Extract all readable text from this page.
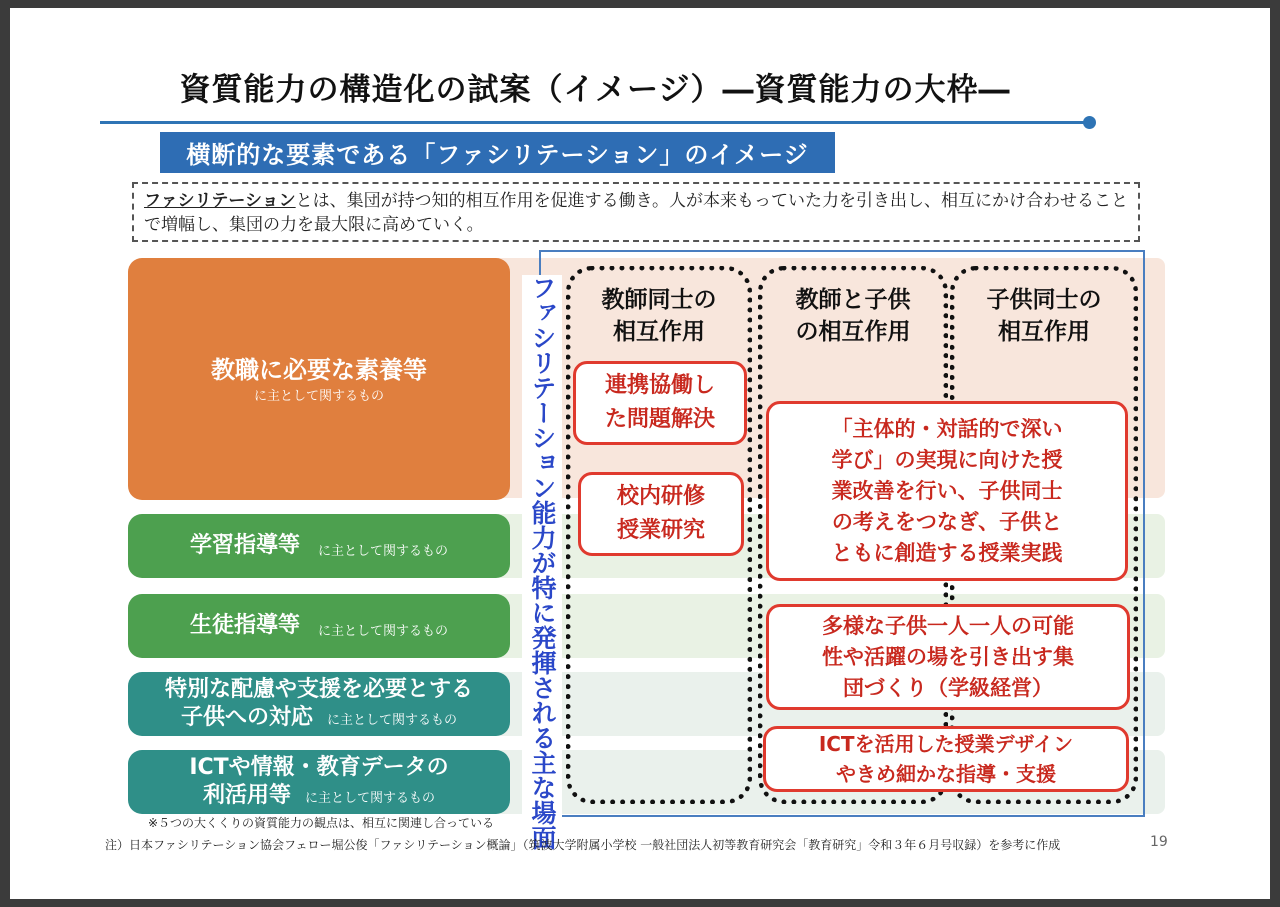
資質能力の構造化の試案（イメージ）―資質能力の大枠―
横断的な要素である「ファシリテーション」のイメージ
ファシリテーションとは、集団が持つ知的相互作用を促進する働き。人が本来もっていた力を引き出し、相互にかけ合わせることで増幅し、集団の力を最大限に高めていく。
教職に必要な素養等
に主として関するもの
学習指導等 に主として関するもの
生徒指導等 に主として関するもの
特別な配慮や支援を必要とする
子供への対応 に主として関するもの
ICTや情報・教育データの
利活用等 に主として関するもの	ファシリテーション能力が特に発揮される主な場面	教師同士の
相互作用
教師と子供
の相互作用
子供同士の
相互作用
連携協働し
た問題解決
校内研修
授業研究
「主体的・対話的で深い
学び」の実現に向けた授
業改善を行い、子供同士
の考えをつなぎ、子供と
ともに創造する授業実践
多様な子供一人一人の可能
性や活躍の場を引き出す集
団づくり（学級経営）
ICTを活用した授業デザイン
やきめ細かな指導・支援
※５つの大くくりの資質能力の観点は、相互に関連し合っている
注）日本ファシリテーション協会フェロー堀公俊「ファシリテーション概論」（筑波大学附属小学校 一般社団法人初等教育研究会「教育研究」令和３年６月号収録）を参考に作成	19
